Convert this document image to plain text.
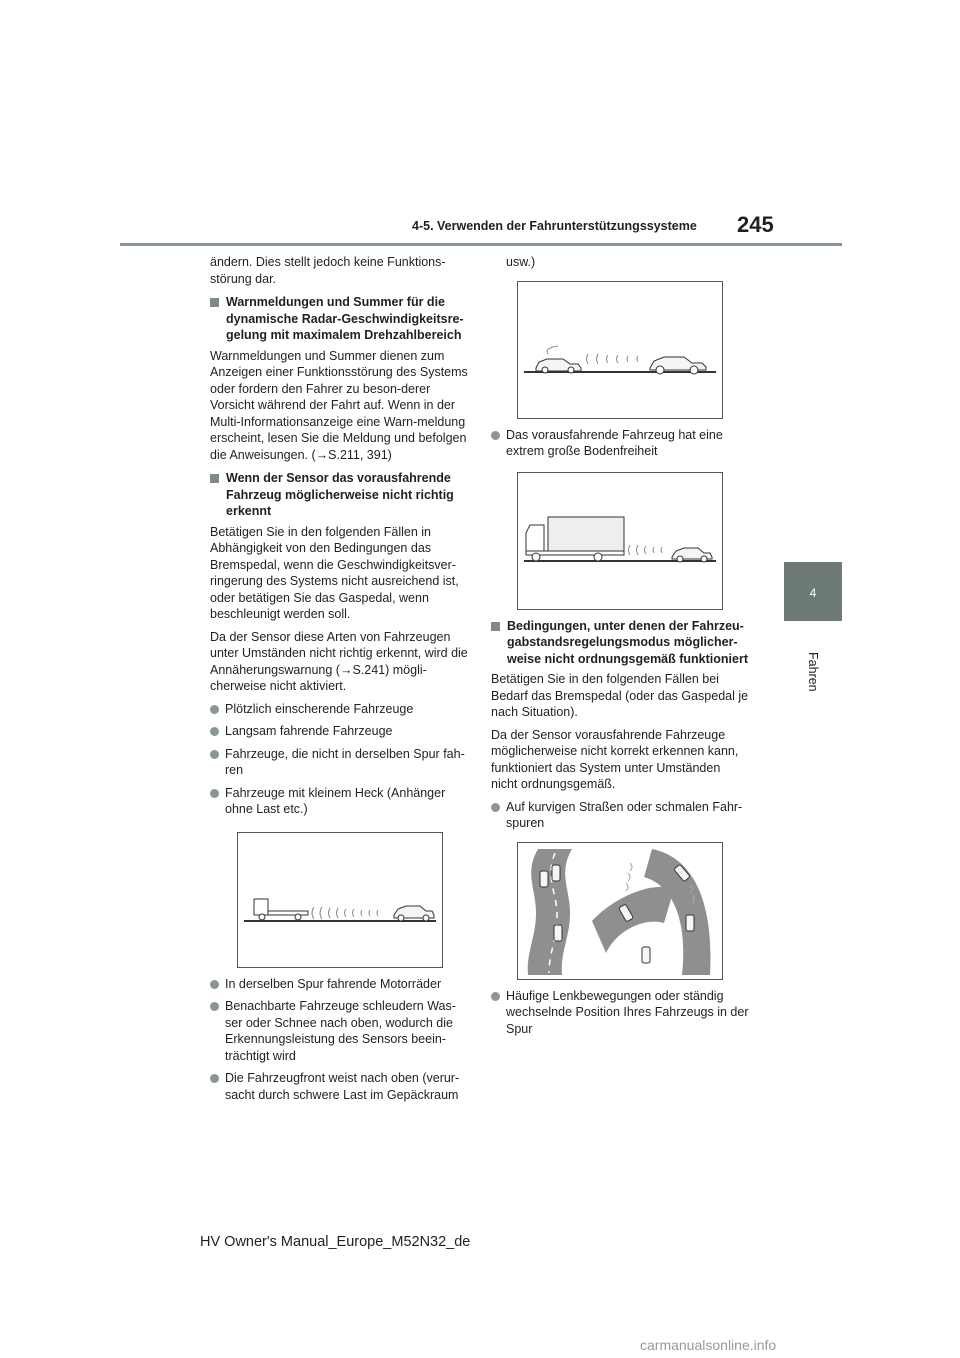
4-5. Verwenden der Fahrunterstützungssysteme 245
4
Fahren

ändern. Dies stellt jedoch keine Funktions-störung dar.

Warnmeldungen und Summer für die dynamische Radar-Geschwindigkeitsre-gelung mit maximalem Drehzahlbereich

Warnmeldungen und Summer dienen zum Anzeigen einer Funktionsstörung des Systems oder fordern den Fahrer zu beson-derer Vorsicht während der Fahrt auf. Wenn in der Multi-Informationsanzeige eine Warn-meldung erscheint, lesen Sie die Meldung und befolgen die Anweisungen. (→S.211, 391)

Wenn der Sensor das vorausfahrende Fahrzeug möglicherweise nicht richtig erkennt

Betätigen Sie in den folgenden Fällen in Abhängigkeit von den Bedingungen das Bremspedal, wenn die Geschwindigkeitsver-ringerung des Systems nicht ausreichend ist, oder betätigen Sie das Gaspedal, wenn beschleunigt werden soll.

Da der Sensor diese Arten von Fahrzeugen unter Umständen nicht richtig erkennt, wird die Annäherungswarnung (→S.241) mögli-cherweise nicht aktiviert.

Plötzlich einscherende Fahrzeuge
Langsam fahrende Fahrzeuge
Fahrzeuge, die nicht in derselben Spur fah-ren
Fahrzeuge mit kleinem Heck (Anhänger ohne Last etc.)
In derselben Spur fahrende Motorräder
Benachbarte Fahrzeuge schleudern Was-ser oder Schnee nach oben, wodurch die Erkennungsleistung des Sensors beein-trächtigt wird
Die Fahrzeugfront weist nach oben (verur-sacht durch schwere Last im Gepäckraum

usw.)

Das vorausfahrende Fahrzeug hat eine extrem große Bodenfreiheit
Bedingungen, unter denen der Fahrzeu-gabstandsregelungsmodus möglicher-weise nicht ordnungsgemäß funktioniert

Betätigen Sie in den folgenden Fällen bei Bedarf das Bremspedal (oder das Gaspedal je nach Situation).

Da der Sensor vorausfahrende Fahrzeuge möglicherweise nicht korrekt erkennen kann, funktioniert das System unter Umständen nicht ordnungsgemäß.

Auf kurvigen Straßen oder schmalen Fahr-spuren
Häufige Lenkbewegungen oder ständig wechselnde Position Ihres Fahrzeugs in der Spur
HV Owner's Manual_Europe_M52N32_de
carmanualsonline.info
